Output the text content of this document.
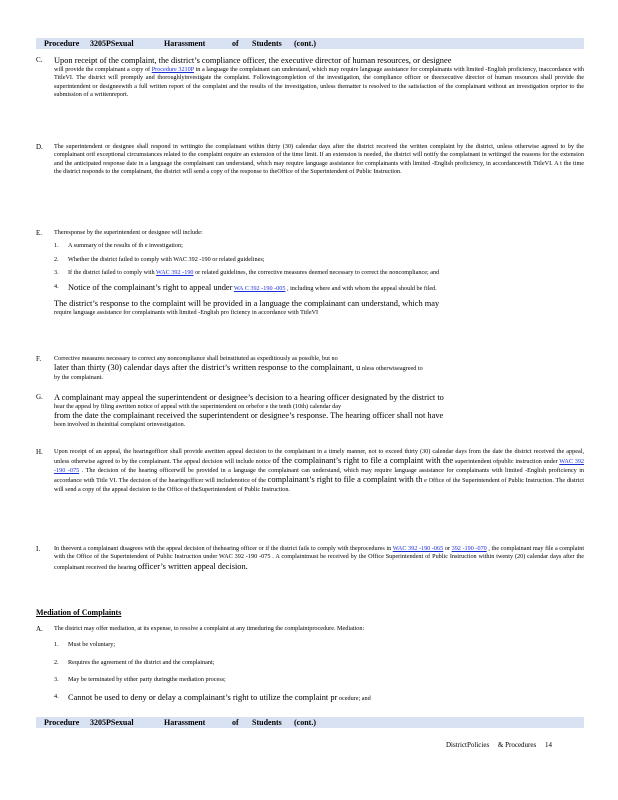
Procedure 3205PSexual	Harassment	of Students (cont.)
C. Upon receipt of the complaint, the district’s compliance officer, the executive director of human resources, or designee
will provide the complainant a copy of Procedure 3210P in a language the complainant can understand, which may require language assistance for complainants with limited -English proficiency, inaccordance with TitleVI. The district will promptly and thoroughlyinvestigate the complaint. Followingcompletion of the investigation, the compliance officer or theexecutive director of human resources shall provide the superintendent or designeewith a full written report of the complaint and the results of the investigation, unless thematter is resolved to the satisfaction of the complainant without an investigation orprior to the submission of a writtenreport.
D. The superintendent or designee shall respond in writingto the complainant within thirty (30) calendar days after the district received the written complaint by the district, unless otherwise agreed to by the complainant orif exceptional circumstances related to the complaint require an extension of the time limit. If an extension is needed, the district will notify the complainant in writingof the reasons for the extension and the anticipated response date in a language the complainant can understand, which may require language assistance for complainants with limited -English proficiency, in accordancewith TitleVI. A t the time the district responds to the complainant, the district will send a copy of the response to theOffice of the Superintendent of Public Instruction.
E. Theresponse by the superintendent or designee will include:
1. A summary of the results of th e investigation;
2. Whether the district failed to comply with WAC 392 -190 or related guidelines;
3. If the district failed to comply with WAC 392 -190 or related guidelines, the corrective measures deemed necessary to correct the noncompliance; and
4. Notice of the complainant’s right to appeal under WA C 392 -190 -005 , including where and with whom the appeal should be filed.
The district’s response to the complaint will be provided in a language the complainant can understand, which may
require language assistance for complainants with limited -English pro ficiency in accordance with TitleVI
F. Corrective measures necessary to correct any noncompliance shall beinstituted as expeditiously as possible, but no
later than thirty (30) calendar days after the district’s written response to the complainant, u nless otherwiseagreed to
by the complainant.
G. A complainant may appeal the superintendent or designee’s decision to a hearing officer designated by the district to
hear the appeal by filing awritten notice of appeal with the superintendent on orbefor e the tenth (10th) calendar day
from the date the complainant received the superintendent or designee’s response. The hearing officer shall not have
been involved in theinitial complaint orinvestigation.
H. Upon receipt of an appeal, the hearingofficer shall provide awritten appeal decision to the complainant in a timely manner, not to exceed thirty (30) calendar days from the date the district received the appeal, unless otherwise agreed to by the complainant. The appeal decision will include notice of the complainant’s right to file a complaint with the superintendent ofpublic instruction under WAC 392 -190 -075 . The decision of the hearing officerwill be provided in a language the complainant can understand, which may require language assistance for complainants with limited -English proficiency in accordance with Title VI. The decision of the hearingofficer will includenotice of the complainant’s right to file a complaint with th e Office of the Superintendent of Public Instruction. The district will send a copy of the appeal decision to the Office of theSuperintendent of Public Instruction.
I. In theevent a complainant disagrees with the appeal decision of thehearing officer or if the district fails to comply with theprocedures in WAC 392 -190 -065 or 392 -190 -070 , the complainant may file a complaint with the Office of the Superintendent of Public Instruction under WAC 392 -190 -075 . A complaintmust be received by the Office Superintendent of Public Instruction within twenty (20) calendar days after the complainant received the hearing officer’s written appeal decision.
Mediation of Complaints
A. The district may offer mediation, at its expense, to resolve a complaint at any timeduring the complaintprocedure. Mediation:
1. Must be voluntary;
2. Requires the agreement of the district and the complainant;
3. May be terminated by either party duringthe mediation process;
4. Cannot be used to deny or delay a complainant’s right to utilize the complaint pr ocedure; and
Procedure 3205PSexual	Harassment	of Students (cont.)
DistrictPolicies & Procedures 14
